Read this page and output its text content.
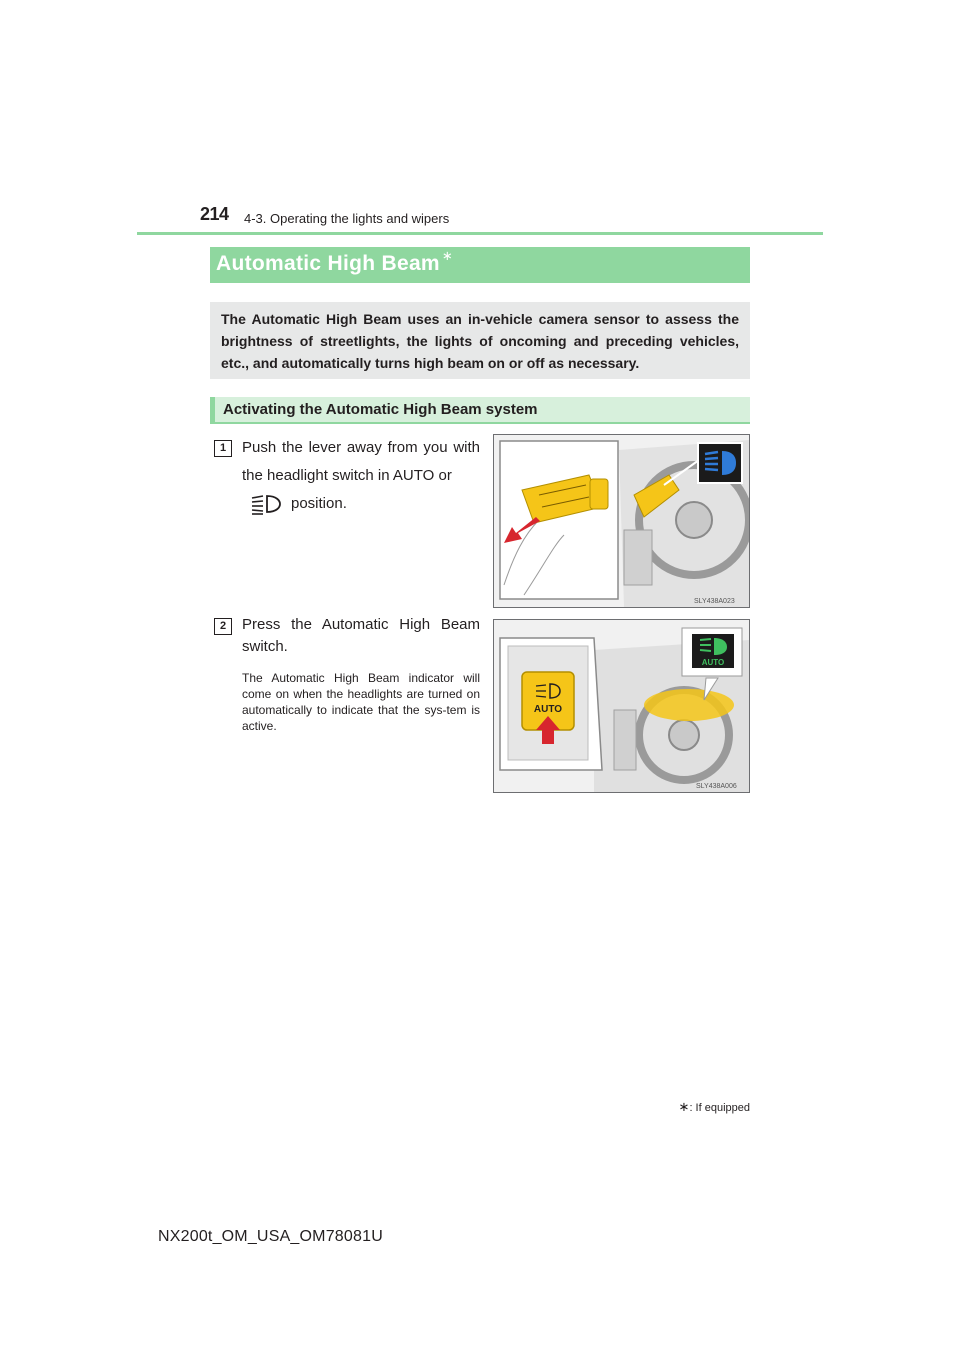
214 4-3. Operating the lights and wipers
Automatic High Beam ∗

The Automatic High Beam uses an in-vehicle camera sensor to assess the brightness of streetlights, the lights of oncoming and preceding vehicles, etc., and automatically turns high beam on or off as necessary.

Activating the Automatic High Beam system
1	Push the lever away from you with the headlight switch in AUTO or

position.
SLY438A023
2	Press the Automatic High Beam switch.

The Automatic High Beam indicator will come on when the headlights are turned on automatically to indicate that the sys-tem is active.

AUTO
AUTO
SLY438A006
∗: If equipped
NX200t_OM_USA_OM78081U
